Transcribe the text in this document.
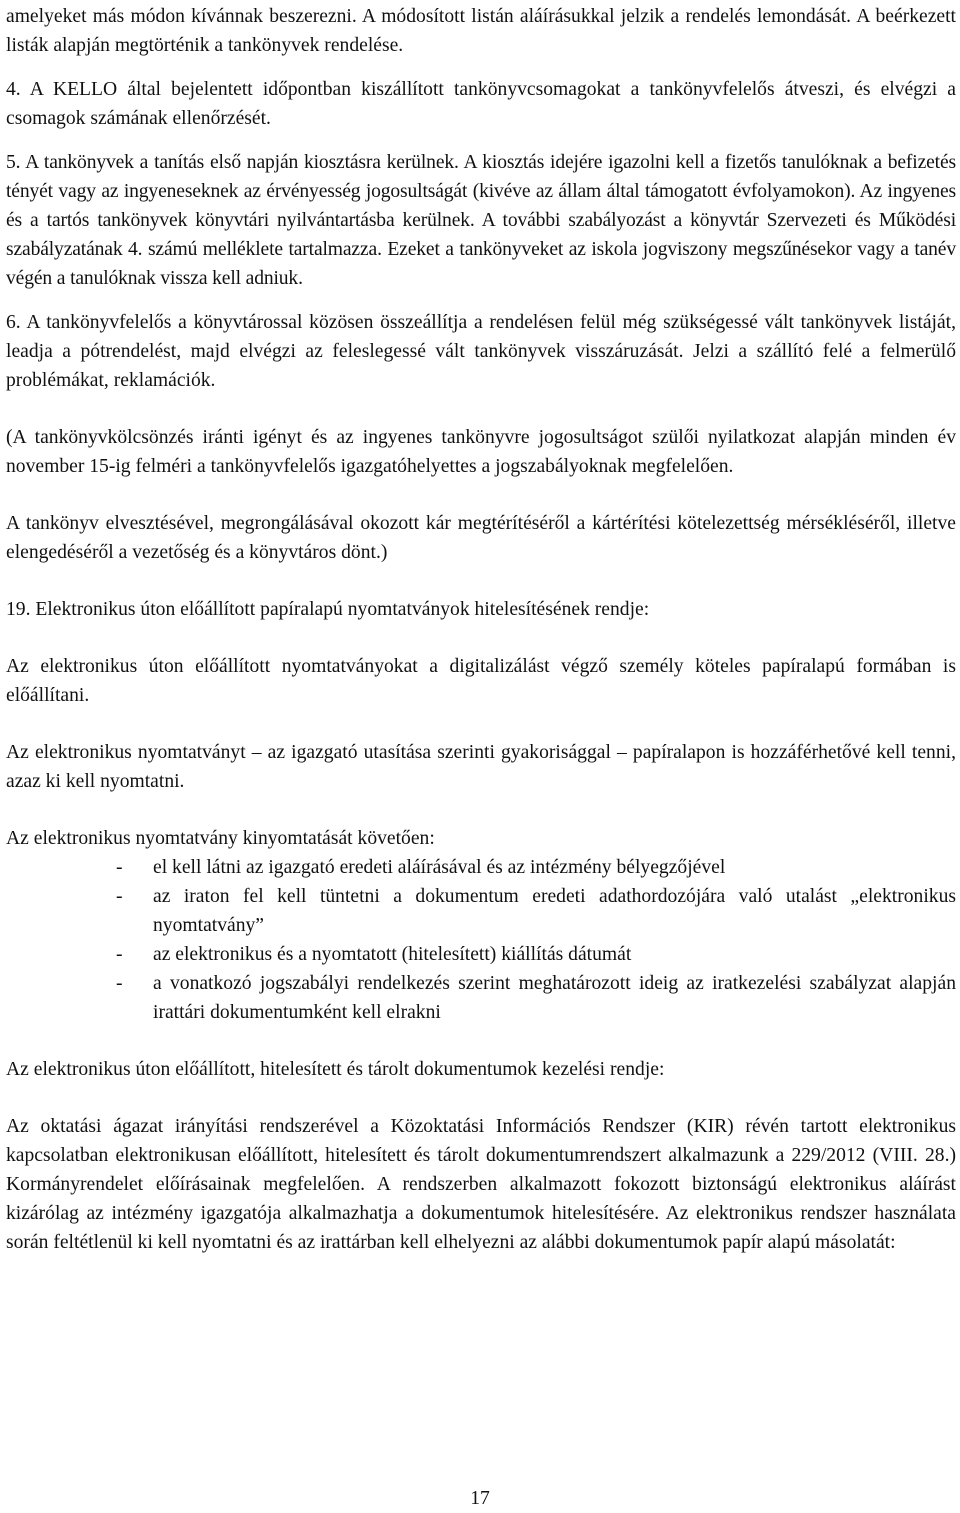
amelyeket más módon kívánnak beszerezni. A módosított listán aláírásukkal jelzik a rendelés lemondását. A beérkezett listák alapján megtörténik a tankönyvek rendelése.

4. A KELLO által bejelentett időpontban kiszállított tankönyvcsomagokat a tankönyvfelelős átveszi, és elvégzi a csomagok számának ellenőrzését.

5. A tankönyvek a tanítás első napján kiosztásra kerülnek. A kiosztás idejére igazolni kell a fizetős tanulóknak a befizetés tényét vagy az ingyeneseknek az érvényesség jogosultságát (kivéve az állam által támogatott évfolyamokon). Az ingyenes és a tartós tankönyvek könyvtári nyilvántartásba kerülnek. A további szabályozást a könyvtár Szervezeti és Működési szabályzatának 4. számú melléklete tartalmazza. Ezeket a tankönyveket az iskola jogviszony megszűnésekor vagy a tanév végén a tanulóknak vissza kell adniuk.

6. A tankönyvfelelős a könyvtárossal közösen összeállítja a rendelésen felül még szükségessé vált tankönyvek listáját, leadja a pótrendelést, majd elvégzi az feleslegessé vált tankönyvek visszáruzását. Jelzi a szállító felé a felmerülő problémákat, reklamációk.

(A tankönyvkölcsönzés iránti igényt és az ingyenes tankönyvre jogosultságot szülői nyilatkozat alapján minden év november 15-ig felméri a tankönyvfelelős igazgatóhelyettes a jogszabályoknak megfelelően.

A tankönyv elvesztésével, megrongálásával okozott kár megtérítéséről a kártérítési kötelezettség mérsékléséről, illetve elengedéséről a vezetőség és a könyvtáros dönt.)

19. Elektronikus úton előállított papíralapú nyomtatványok hitelesítésének rendje:

Az elektronikus úton előállított nyomtatványokat a digitalizálást végző személy köteles papíralapú formában is előállítani.

Az elektronikus nyomtatványt – az igazgató utasítása szerinti gyakorisággal – papíralapon is hozzáférhetővé kell tenni, azaz ki kell nyomtatni.

Az elektronikus nyomtatvány kinyomtatását követően:

- el kell látni az igazgató eredeti aláírásával és az intézmény bélyegzőjével
- az iraton fel kell tüntetni a dokumentum eredeti adathordozójára való utalást „elektronikus nyomtatvány”
- az elektronikus és a nyomtatott (hitelesített) kiállítás dátumát
- a vonatkozó jogszabályi rendelkezés szerint meghatározott ideig az iratkezelési szabályzat alapján irattári dokumentumként kell elrakni

Az elektronikus úton előállított, hitelesített és tárolt dokumentumok kezelési rendje:

Az oktatási ágazat irányítási rendszerével a Közoktatási Információs Rendszer (KIR) révén tartott elektronikus kapcsolatban elektronikusan előállított, hitelesített és tárolt dokumentumrendszert alkalmazunk a 229/2012 (VIII. 28.) Kormányrendelet előírásainak megfelelően. A rendszerben alkalmazott fokozott biztonságú elektronikus aláírást kizárólag az intézmény igazgatója alkalmazhatja a dokumentumok hitelesítésére. Az elektronikus rendszer használata során feltétlenül ki kell nyomtatni és az irattárban kell elhelyezni az alábbi dokumentumok papír alapú másolatát:

17
